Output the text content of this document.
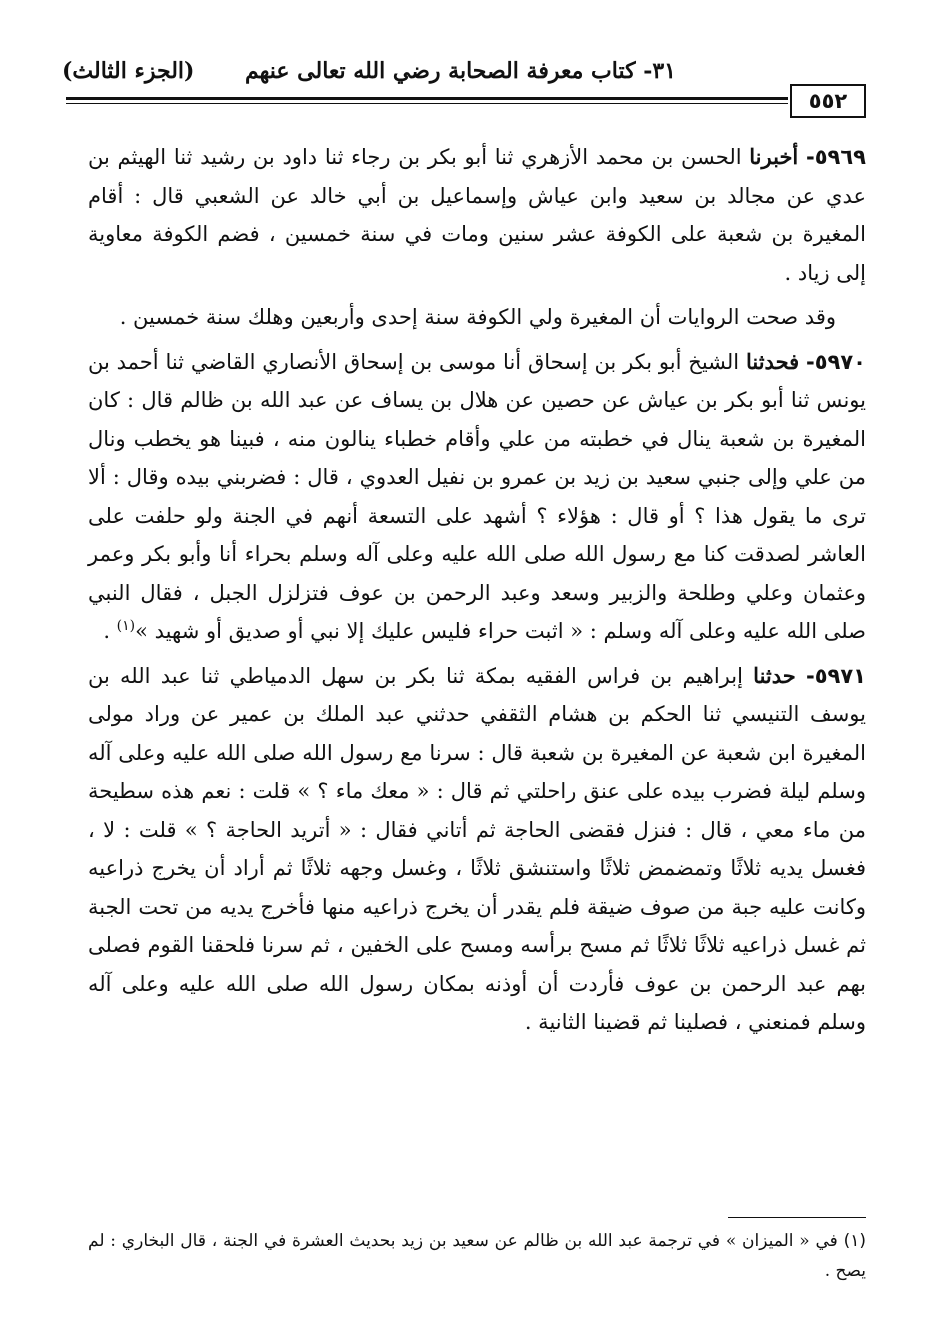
٣١- كتاب معرفة الصحابة رضي الله تعالى عنهم
(الجزء الثالث)
٥٥٢

٥٩٦٩- أخبرنا الحسن بن محمد الأزهري ثنا أبو بكر بن رجاء ثنا داود بن رشيد ثنا الهيثم بن عدي عن مجالد بن سعيد وابن عياش وإسماعيل بن أبي خالد عن الشعبي قال : أقام المغيرة بن شعبة على الكوفة عشر سنين ومات في سنة خمسين ، فضم الكوفة معاوية إلى زياد .

وقد صحت الروايات أن المغيرة ولي الكوفة سنة إحدى وأربعين وهلك سنة خمسين .

٥٩٧٠- فحدثنا الشيخ أبو بكر بن إسحاق أنا موسى بن إسحاق الأنصاري القاضي ثنا أحمد بن يونس ثنا أبو بكر بن عياش عن حصين عن هلال بن يساف عن عبد الله بن ظالم قال : كان المغيرة بن شعبة ينال في خطبته من علي وأقام خطباء ينالون منه ، فبينا هو يخطب ونال من علي وإلى جنبي سعيد بن زيد بن عمرو بن نفيل العدوي ، قال : فضربني بيده وقال : ألا ترى ما يقول هذا ؟ أو قال : هؤلاء ؟ أشهد على التسعة أنهم في الجنة ولو حلفت على العاشر لصدقت كنا مع رسول الله صلى الله عليه وعلى آله وسلم بحراء أنا وأبو بكر وعمر وعثمان وعلي وطلحة والزبير وسعد وعبد الرحمن بن عوف فتزلزل الجبل ، فقال النبي صلى الله عليه وعلى آله وسلم : « اثبت حراء فليس عليك إلا نبي أو صديق أو شهيد »$^{(١)}$ .

٥٩٧١- حدثنا إبراهيم بن فراس الفقيه بمكة ثنا بكر بن سهل الدمياطي ثنا عبد الله بن يوسف التنيسي ثنا الحكم بن هشام الثقفي حدثني عبد الملك بن عمير عن وراد مولى المغيرة ابن شعبة عن المغيرة بن شعبة قال : سرنا مع رسول الله صلى الله عليه وعلى آله وسلم ليلة فضرب بيده على عنق راحلتي ثم قال : « معك ماء ؟ » قلت : نعم هذه سطيحة من ماء معي ، قال : فنزل فقضى الحاجة ثم أتاني فقال : « أتريد الحاجة ؟ » قلت : لا ، فغسل يديه ثلاثًا وتمضمض ثلاثًا واستنشق ثلاثًا ، وغسل وجهه ثلاثًا ثم أراد أن يخرج ذراعيه وكانت عليه جبة من صوف ضيقة فلم يقدر أن يخرج ذراعيه منها فأخرج يديه من تحت الجبة ثم غسل ذراعيه ثلاثًا ثلاثًا ثم مسح برأسه ومسح على الخفين ، ثم سرنا فلحقنا القوم فصلى بهم عبد الرحمن بن عوف فأردت أن أوذنه بمكان رسول الله صلى الله عليه وعلى آله وسلم فمنعني ، فصلينا ثم قضينا الثانية .

(١) في « الميزان » في ترجمة عبد الله بن ظالم عن سعيد بن زيد بحديث العشرة في الجنة ، قال البخاري : لم يصح .
